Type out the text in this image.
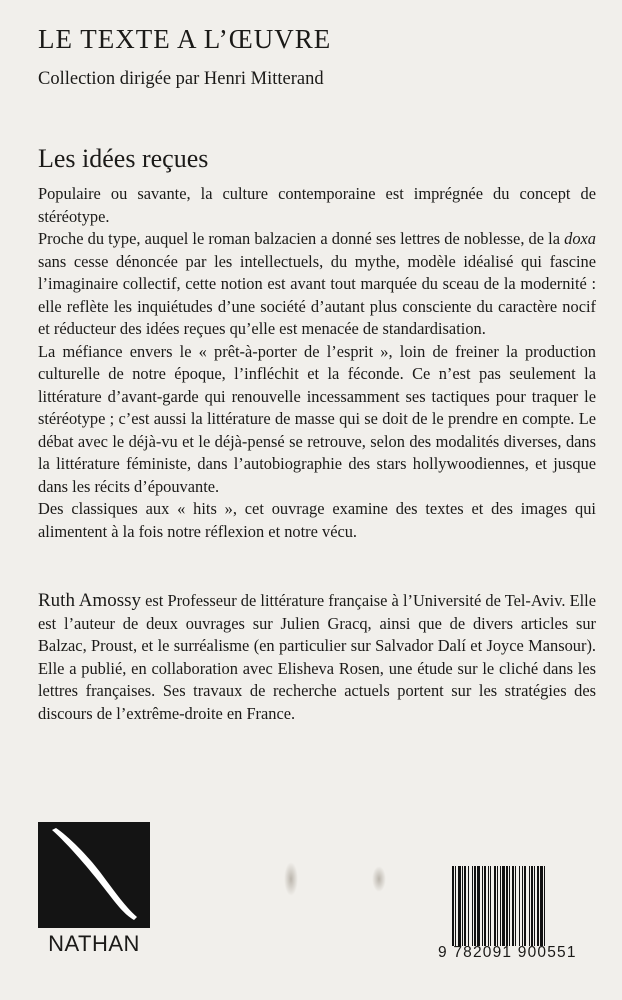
LE TEXTE A L’ŒUVRE

Collection dirigée par Henri Mitterand

Les idées reçues

Populaire ou savante, la culture contemporaine est imprégnée du concept de stéréotype.

Proche du type, auquel le roman balzacien a donné ses lettres de noblesse, de la doxa sans cesse dénoncée par les intellectuels, du mythe, modèle idéalisé qui fascine l’imaginaire collectif, cette notion est avant tout marquée du sceau de la modernité : elle reflète les inquiétudes d’une société d’autant plus consciente du caractère nocif et réducteur des idées reçues qu’elle est menacée de standardisation.

La méfiance envers le « prêt-à-porter de l’esprit », loin de freiner la production culturelle de notre époque, l’infléchit et la féconde. Ce n’est pas seulement la littérature d’avant-garde qui renouvelle incessamment ses tactiques pour traquer le stéréotype ; c’est aussi la littérature de masse qui se doit de le prendre en compte. Le débat avec le déjà-vu et le déjà-pensé se retrouve, selon des modalités diverses, dans la littérature féministe, dans l’autobiographie des stars hollywoodiennes, et jusque dans les récits d’épouvante.

Des classiques aux « hits », cet ouvrage examine des textes et des images qui alimentent à la fois notre réflexion et notre vécu.

Ruth Amossy est Professeur de littérature française à l’Université de Tel-Aviv. Elle est l’auteur de deux ouvrages sur Julien Gracq, ainsi que de divers articles sur Balzac, Proust, et le surréalisme (en particulier sur Salvador Dalí et Joyce Mansour). Elle a publié, en collaboration avec Elisheva Rosen, une étude sur le cliché dans les lettres françaises. Ses travaux de recherche actuels portent sur les stratégies des discours de l’extrême-droite en France.

NATHAN	9 782091 900551
